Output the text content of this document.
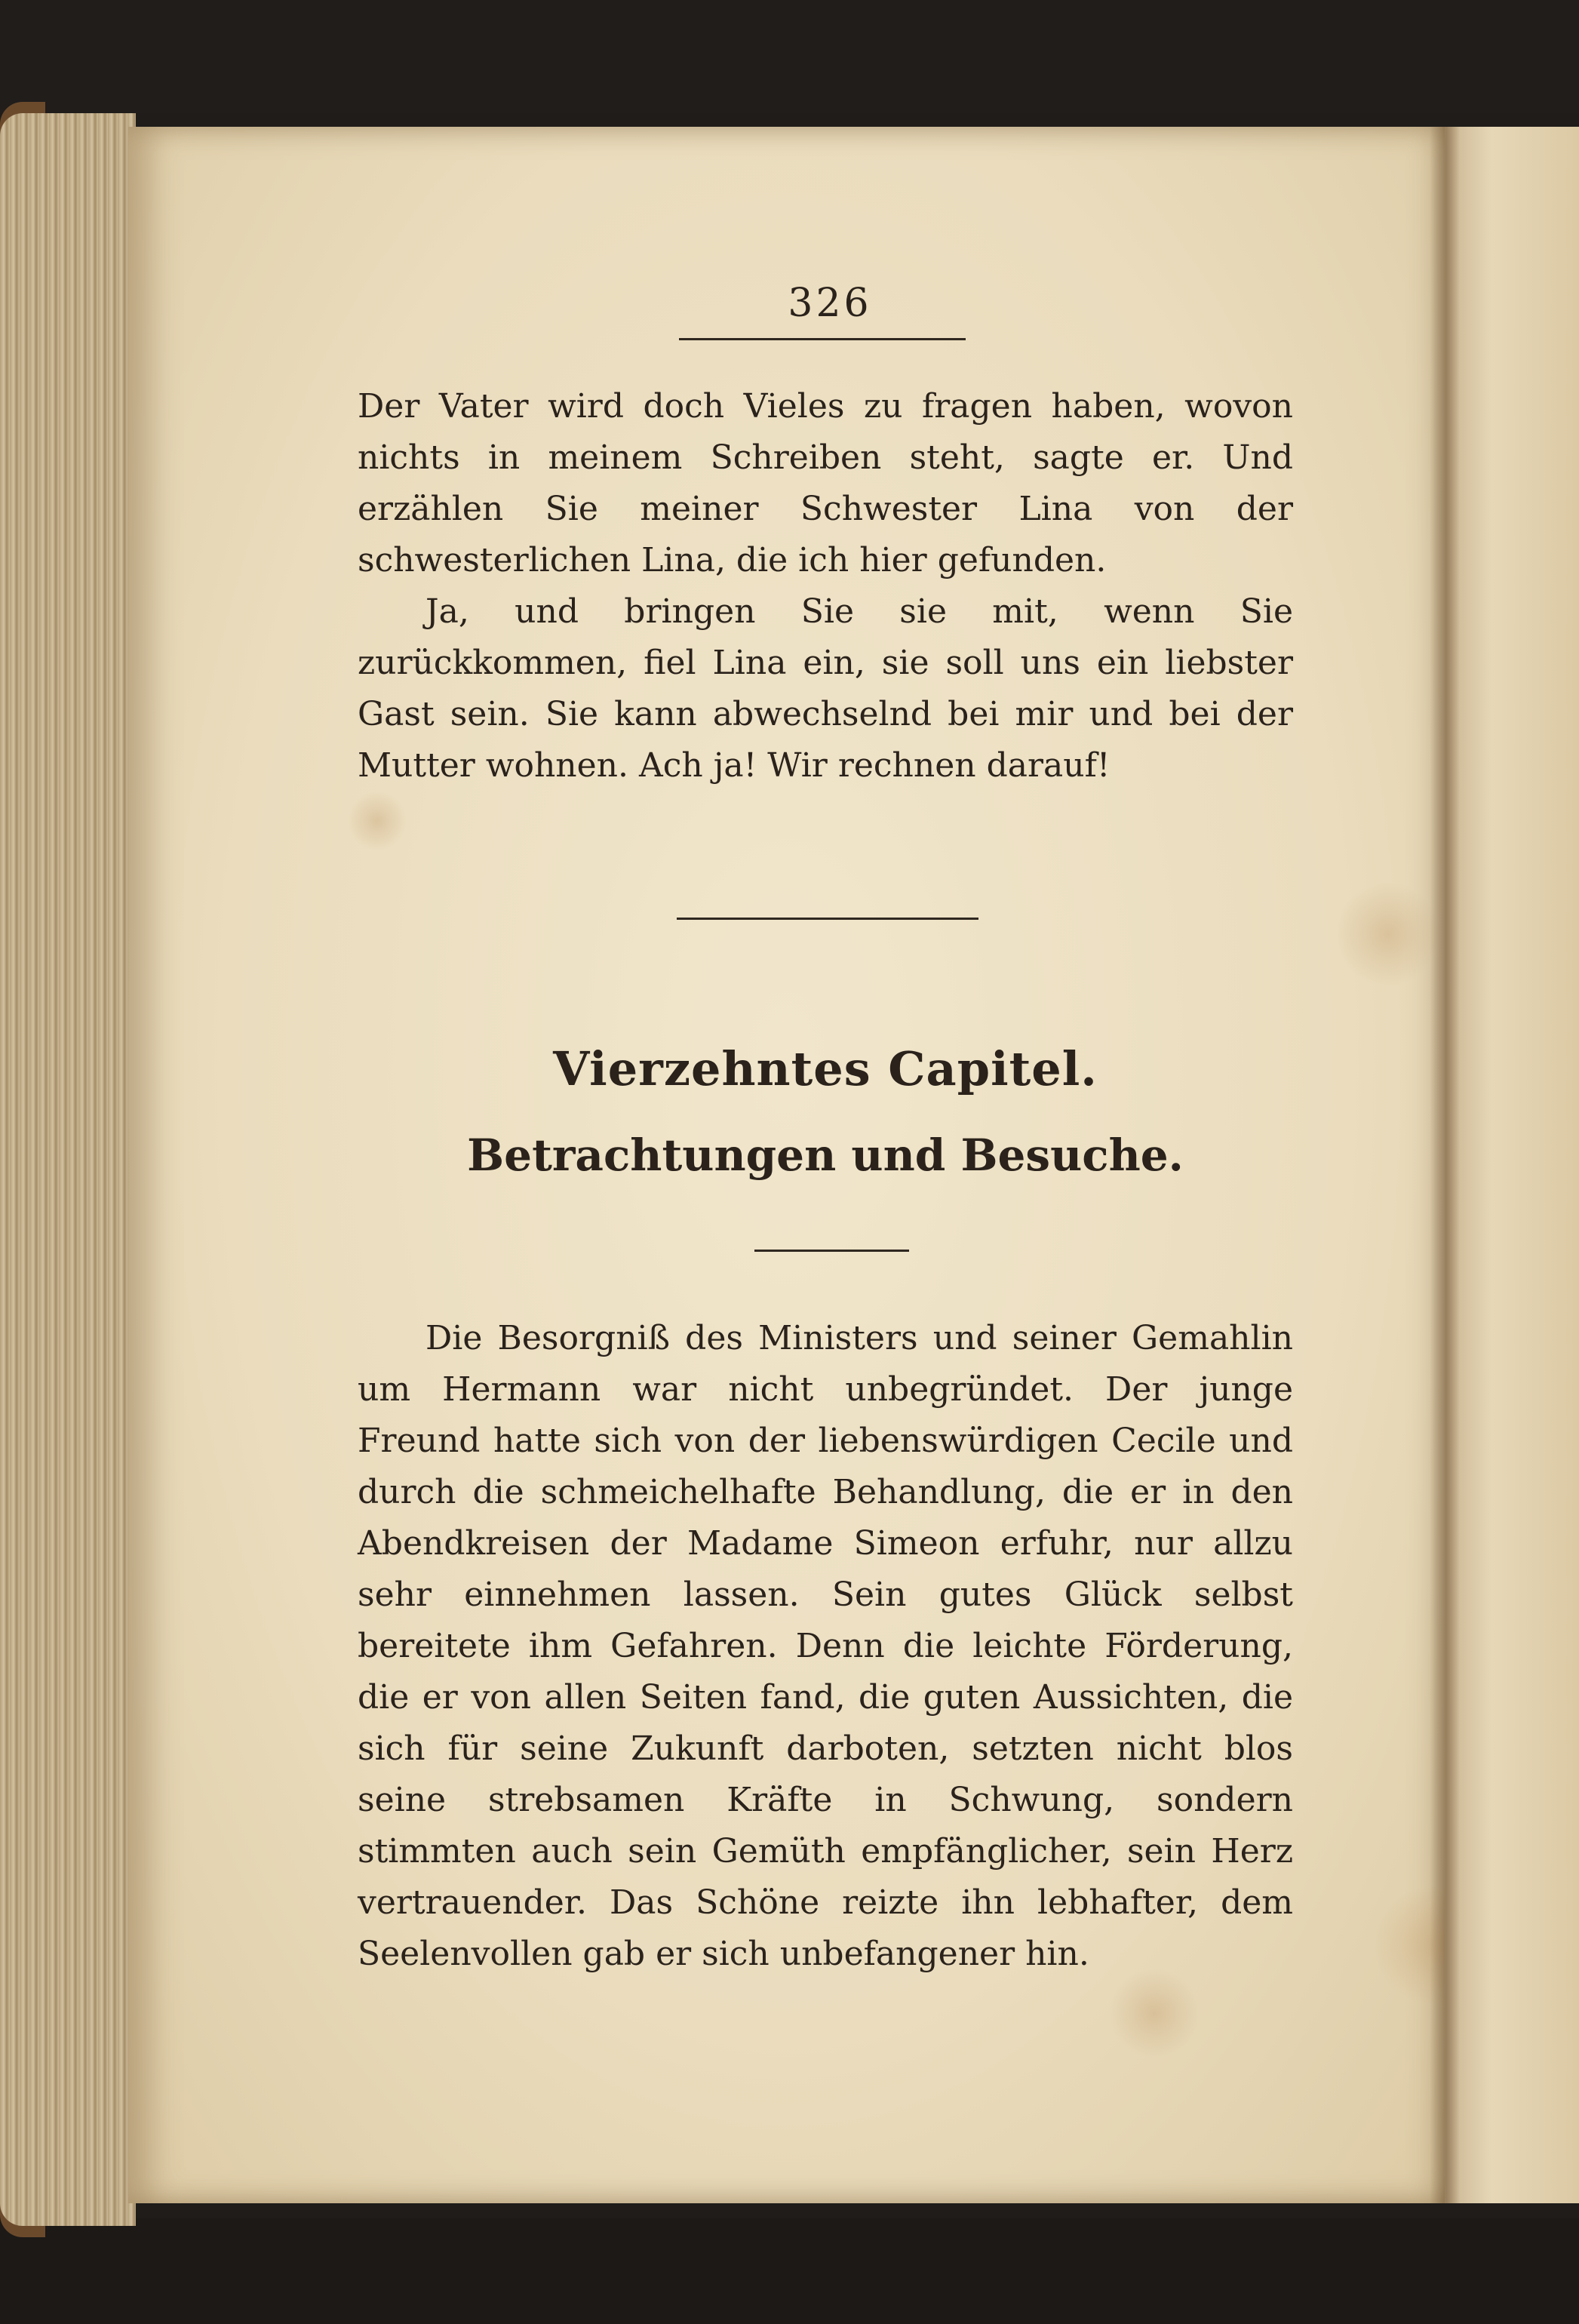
326

Der Vater wird doch Vieles zu fragen haben, wovon nichts in meinem Schreiben steht, sagte er. Und erzählen Sie meiner Schwester Lina von der schwesterlichen Lina, die ich hier gefunden.

Ja, und bringen Sie sie mit, wenn Sie zurückkommen, fiel Lina ein, sie soll uns ein liebster Gast sein. Sie kann abwechselnd bei mir und bei der Mutter wohnen. Ach ja! Wir rechnen darauf!

Vierzehntes Capitel.
Betrachtungen und Besuche.

Die Besorgniß des Ministers und seiner Gemahlin um Hermann war nicht unbegründet. Der junge Freund hatte sich von der liebenswürdigen Cecile und durch die schmeichelhafte Behandlung, die er in den Abendkreisen der Madame Simeon erfuhr, nur allzu sehr einnehmen lassen. Sein gutes Glück selbst bereitete ihm Gefahren. Denn die leichte Förderung, die er von allen Seiten fand, die guten Aussichten, die sich für seine Zukunft darboten, setzten nicht blos seine strebsamen Kräfte in Schwung, sondern stimmten auch sein Gemüth empfänglicher, sein Herz vertrauender. Das Schöne reizte ihn lebhafter, dem Seelenvollen gab er sich unbefangener hin.
